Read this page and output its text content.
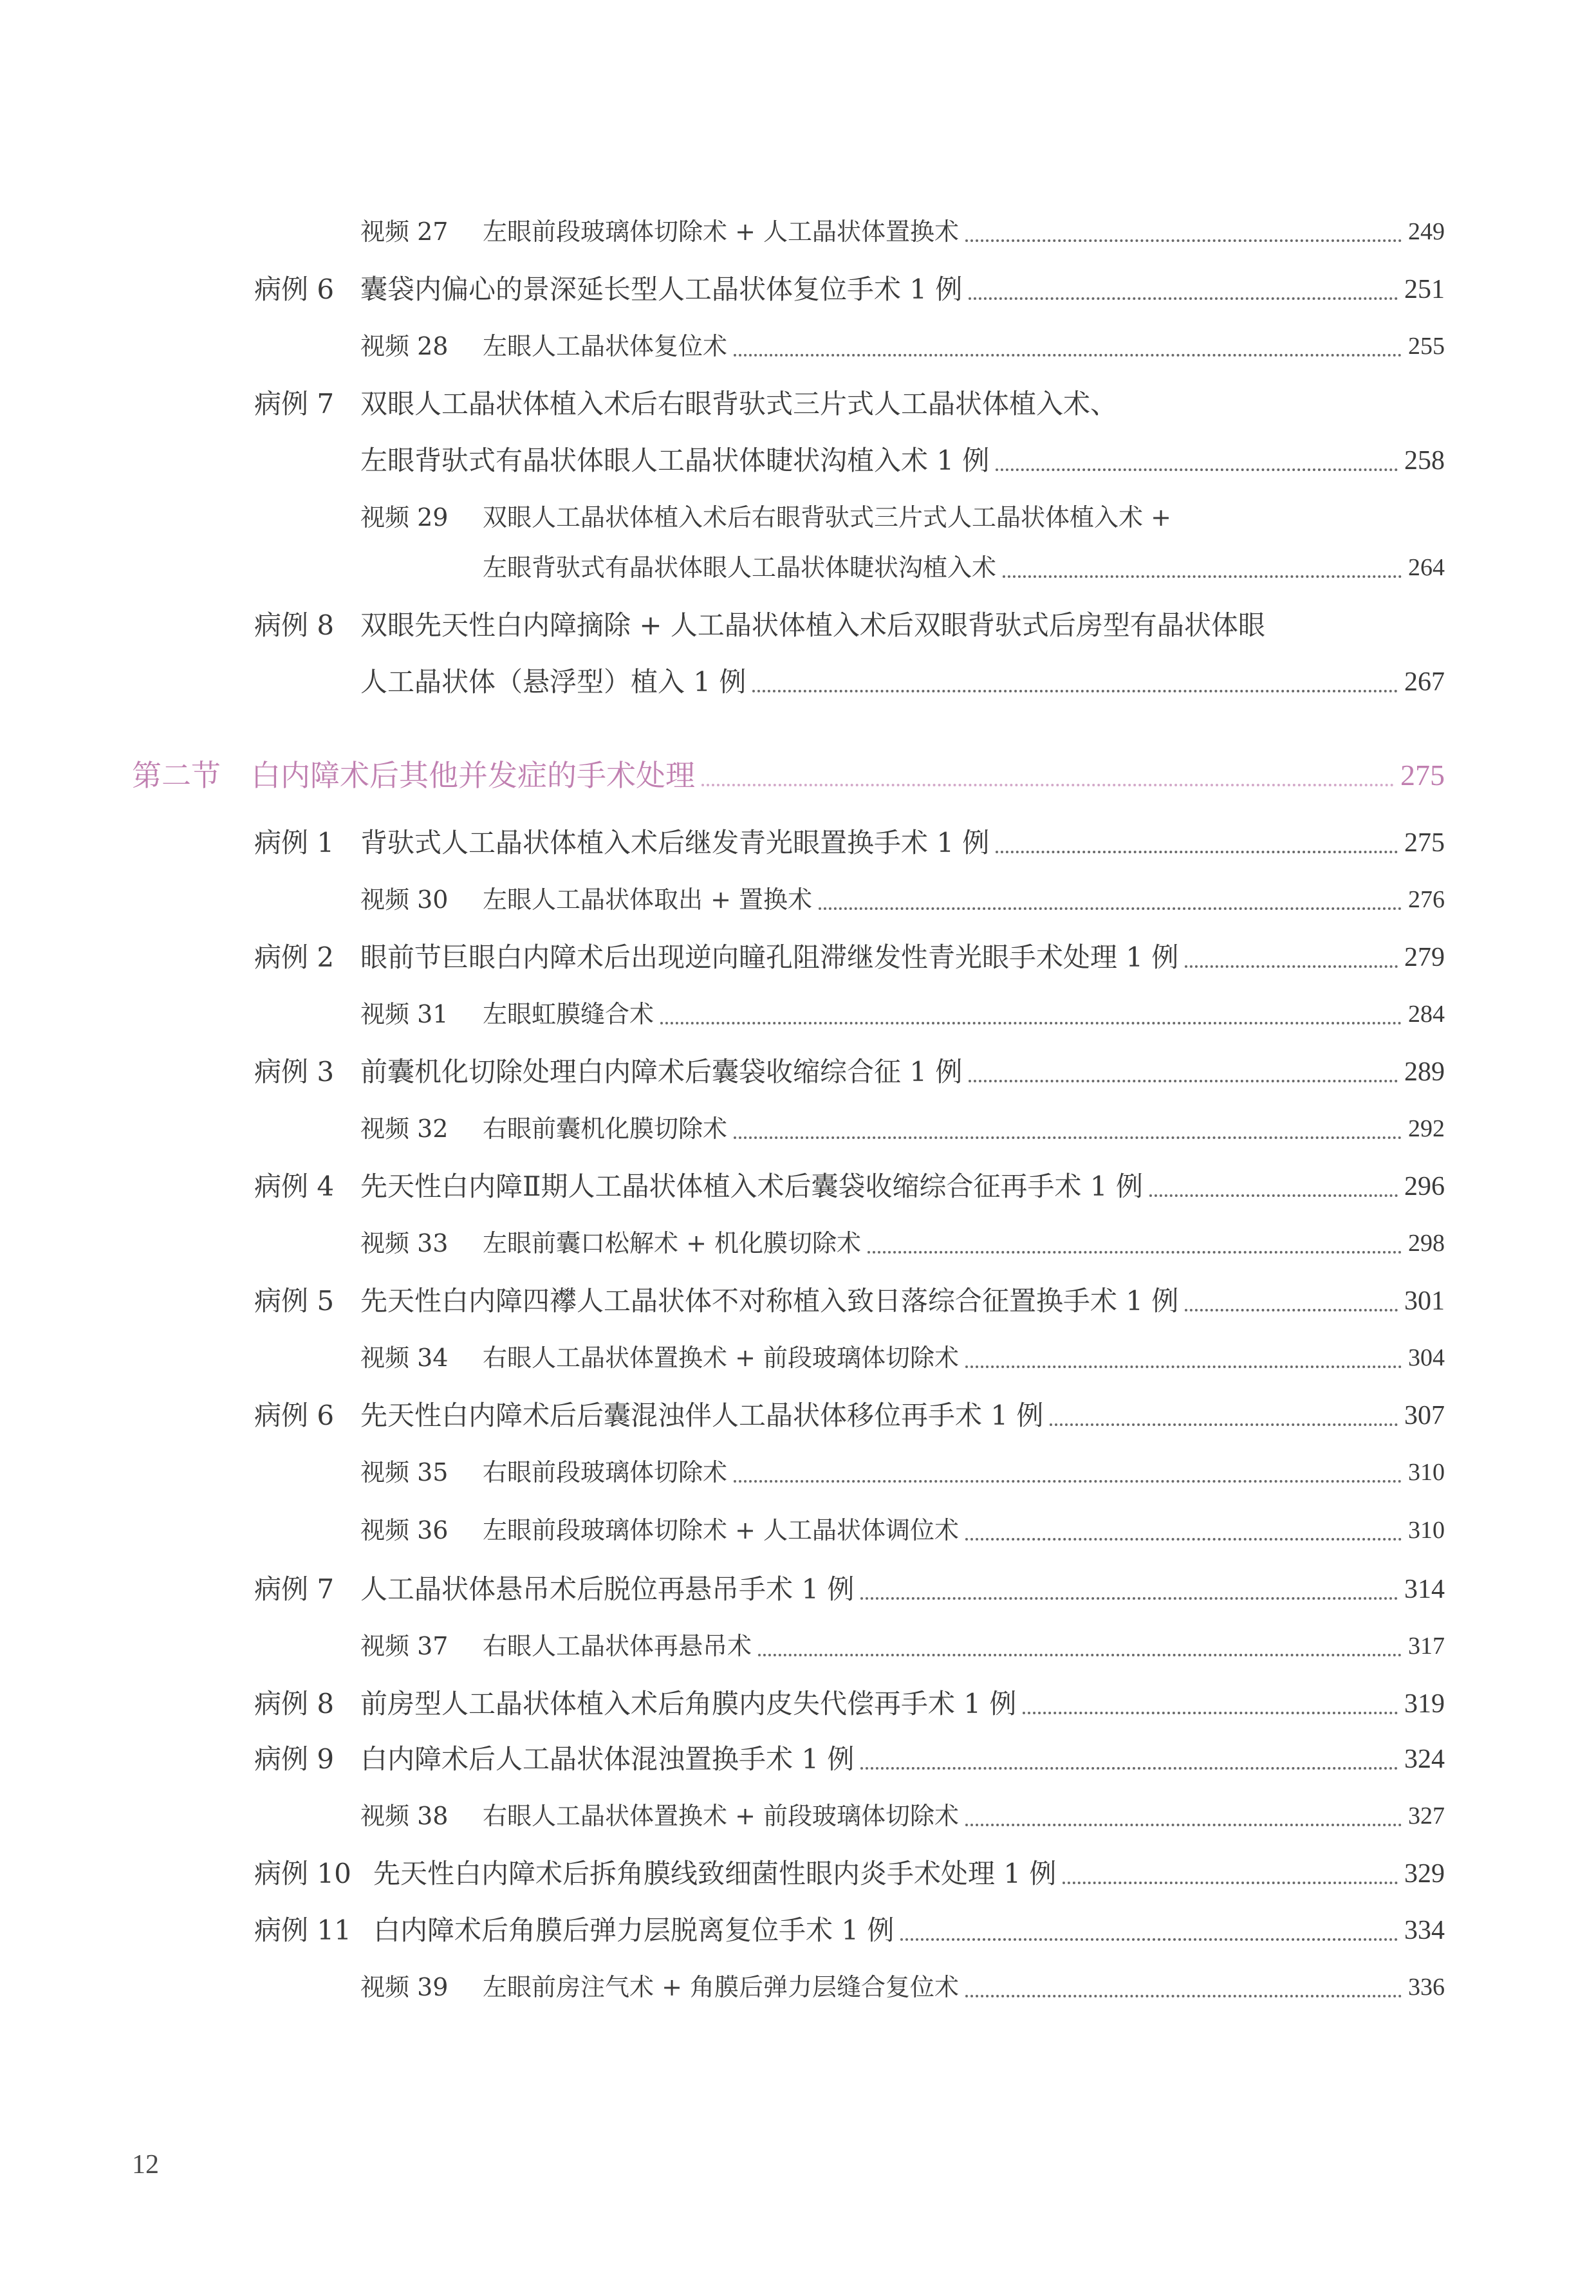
视频 27	左眼前段玻璃体切除术 + 人工晶状体置换术	249
病例 6 囊袋内偏心的景深延长型人工晶状体复位手术 1 例	251
视频 28	左眼人工晶状体复位术	255
病例 7 双眼人工晶状体植入术后右眼背驮式三片式人工晶状体植入术、
左眼背驮式有晶状体眼人工晶状体睫状沟植入术 1 例	258
视频 29 双眼人工晶状体植入术后右眼背驮式三片式人工晶状体植入术 +
左眼背驮式有晶状体眼人工晶状体睫状沟植入术	264
病例 8 双眼先天性白内障摘除 + 人工晶状体植入术后双眼背驮式后房型有晶状体眼
人工晶状体（悬浮型）植入 1 例	267
第二节	白内障术后其他并发症的手术处理	275
病例 1 背驮式人工晶状体植入术后继发青光眼置换手术 1 例	275
视频 30	左眼人工晶状体取出 + 置换术	276
病例 2 眼前节巨眼白内障术后出现逆向瞳孔阻滞继发性青光眼手术处理 1 例	279
视频 31	左眼虹膜缝合术	284
病例 3 前囊机化切除处理白内障术后囊袋收缩综合征 1 例	289
视频 32	右眼前囊机化膜切除术	292
病例 4 先天性白内障Ⅱ期人工晶状体植入术后囊袋收缩综合征再手术 1 例	296
视频 33	左眼前囊口松解术 + 机化膜切除术	298
病例 5 先天性白内障四襻人工晶状体不对称植入致日落综合征置换手术 1 例	301
视频 34	右眼人工晶状体置换术 + 前段玻璃体切除术	304
病例 6 先天性白内障术后后囊混浊伴人工晶状体移位再手术 1 例	307
视频 35	右眼前段玻璃体切除术	310
视频 36	左眼前段玻璃体切除术 + 人工晶状体调位术	310
病例 7 人工晶状体悬吊术后脱位再悬吊手术 1 例	314
视频 37	右眼人工晶状体再悬吊术	317
病例 8 前房型人工晶状体植入术后角膜内皮失代偿再手术 1 例	319
病例 9 白内障术后人工晶状体混浊置换手术 1 例	324
视频 38	右眼人工晶状体置换术 + 前段玻璃体切除术	327
病例 10 先天性白内障术后拆角膜线致细菌性眼内炎手术处理 1 例	329
病例 11 白内障术后角膜后弹力层脱离复位手术 1 例	334
视频 39	左眼前房注气术 + 角膜后弹力层缝合复位术	336
12
